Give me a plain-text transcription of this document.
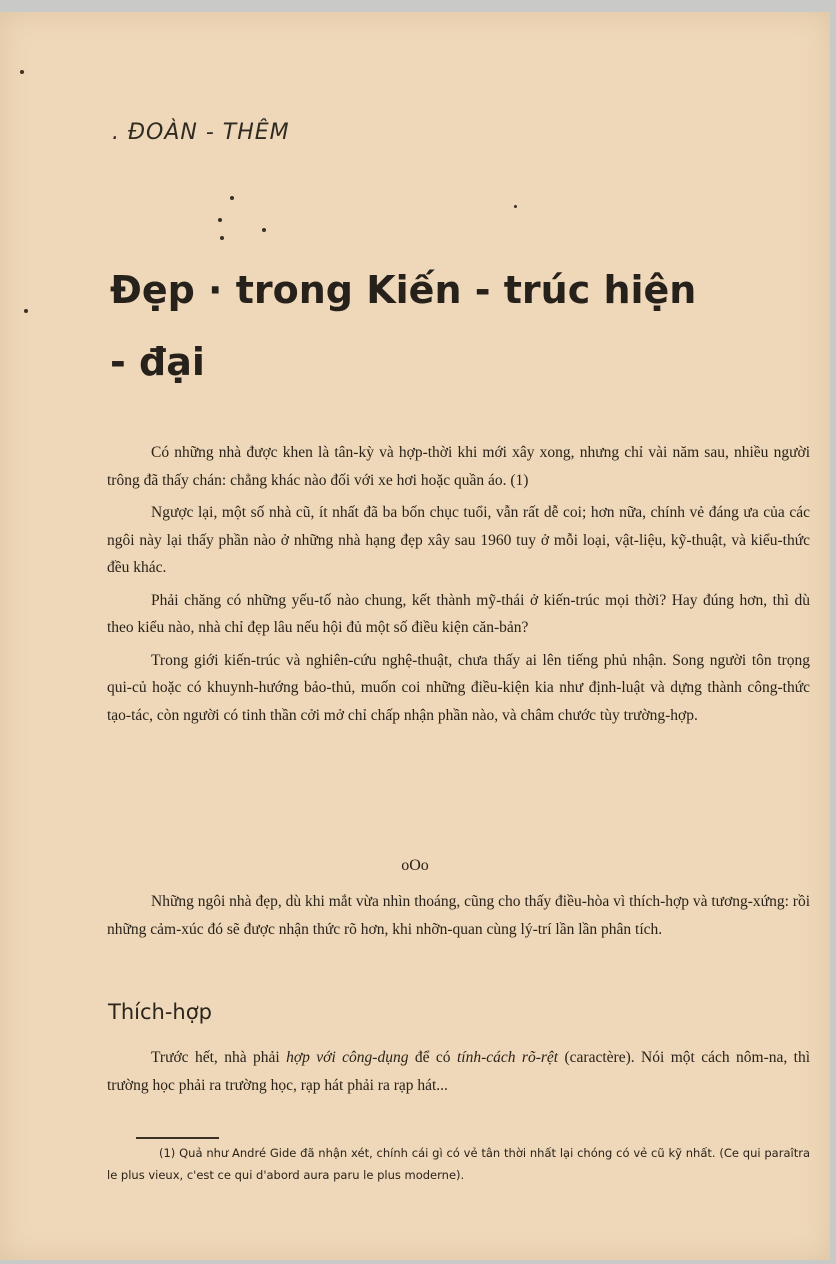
. ĐOÀN - THÊM
Đẹp · trong Kiến - trúc hiện - đại

Có những nhà được khen là tân-kỳ và hợp-thời khi mới xây xong, nhưng chỉ vài năm sau, nhiều người trông đã thấy chán: chẳng khác nào đối với xe hơi hoặc quần áo. (1)

Ngược lại, một số nhà cũ, ít nhất đã ba bốn chục tuổi, vẫn rất dễ coi; hơn nữa, chính vẻ đáng ưa của các ngôi này lại thấy phần nào ở những nhà hạng đẹp xây sau 1960 tuy ở mỗi loại, vật-liệu, kỹ-thuật, và kiểu-thức đều khác.

Phải chăng có những yếu-tố nào chung, kết thành mỹ-thái ở kiến-trúc mọi thời? Hay đúng hơn, thì dù theo kiểu nào, nhà chỉ đẹp lâu nếu hội đủ một số điều kiện căn-bản?

Trong giới kiến-trúc và nghiên-cứu nghệ-thuật, chưa thấy ai lên tiếng phủ nhận. Song người tôn trọng qui-củ hoặc có khuynh-hướng bảo-thủ, muốn coi những điều-kiện kia như định-luật và dựng thành công-thức tạo-tác, còn người có tinh thần cởi mở chỉ chấp nhận phần nào, và châm chước tùy trường-hợp.

oOo

Những ngôi nhà đẹp, dù khi mắt vừa nhìn thoáng, cũng cho thấy điều-hòa vì thích-hợp và tương-xứng: rồi những cảm-xúc đó sẽ được nhận thức rõ hơn, khi nhỡn-quan cùng lý-trí lần lần phân tích.

Thích-hợp

Trước hết, nhà phải hợp với công-dụng để có tính-cách rõ-rệt (caractère). Nói một cách nôm-na, thì trường học phải ra trường học, rạp hát phải ra rạp hát...

(1) Quả như André Gide đã nhận xét, chính cái gì có vẻ tân thời nhất lại chóng có vẻ cũ kỹ nhất. (Ce qui paraîtra le plus vieux, c'est ce qui d'abord aura paru le plus moderne).
